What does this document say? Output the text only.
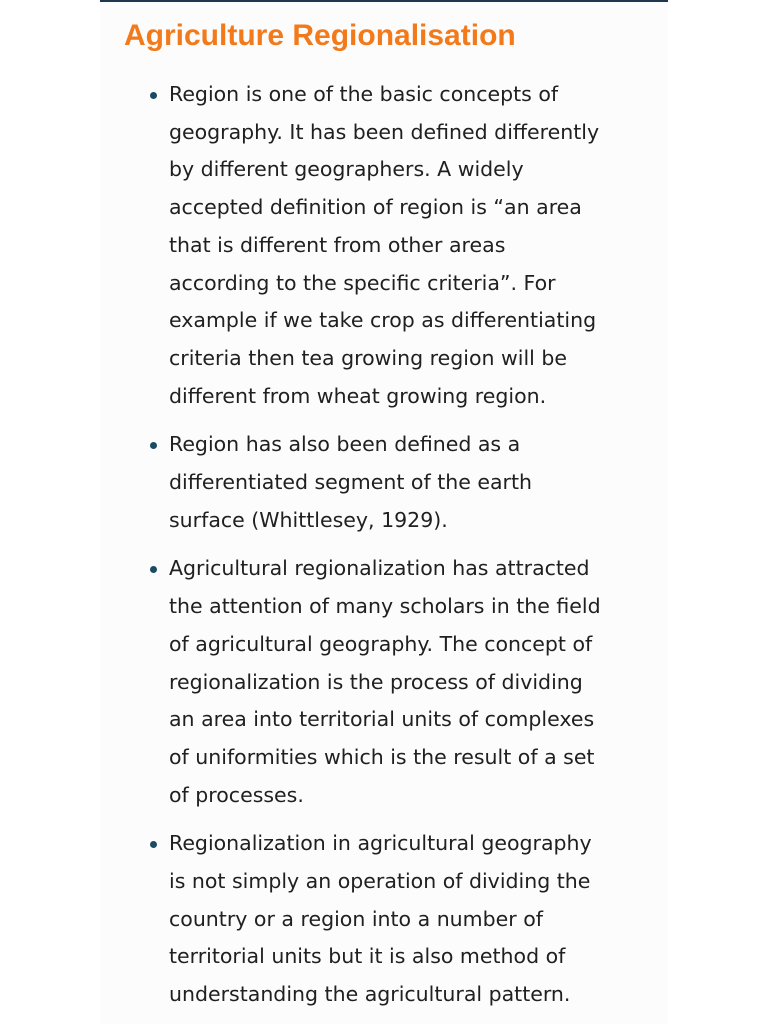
Agriculture Regionalisation
Region is one of the basic concepts of
geography. It has been defined differently
by different geographers. A widely
accepted definition of region is “an area
that is different from other areas
according to the specific criteria”. For
example if we take crop as differentiating
criteria then tea growing region will be
different from wheat growing region.
Region has also been defined as a
differentiated segment of the earth
surface (Whittlesey, 1929).
Agricultural regionalization has attracted
the attention of many scholars in the field
of agricultural geography. The concept of
regionalization is the process of dividing
an area into territorial units of complexes
of uniformities which is the result of a set
of processes.
Regionalization in agricultural geography
is not simply an operation of dividing the
country or a region into a number of
territorial units but it is also method of
understanding the agricultural pattern.
